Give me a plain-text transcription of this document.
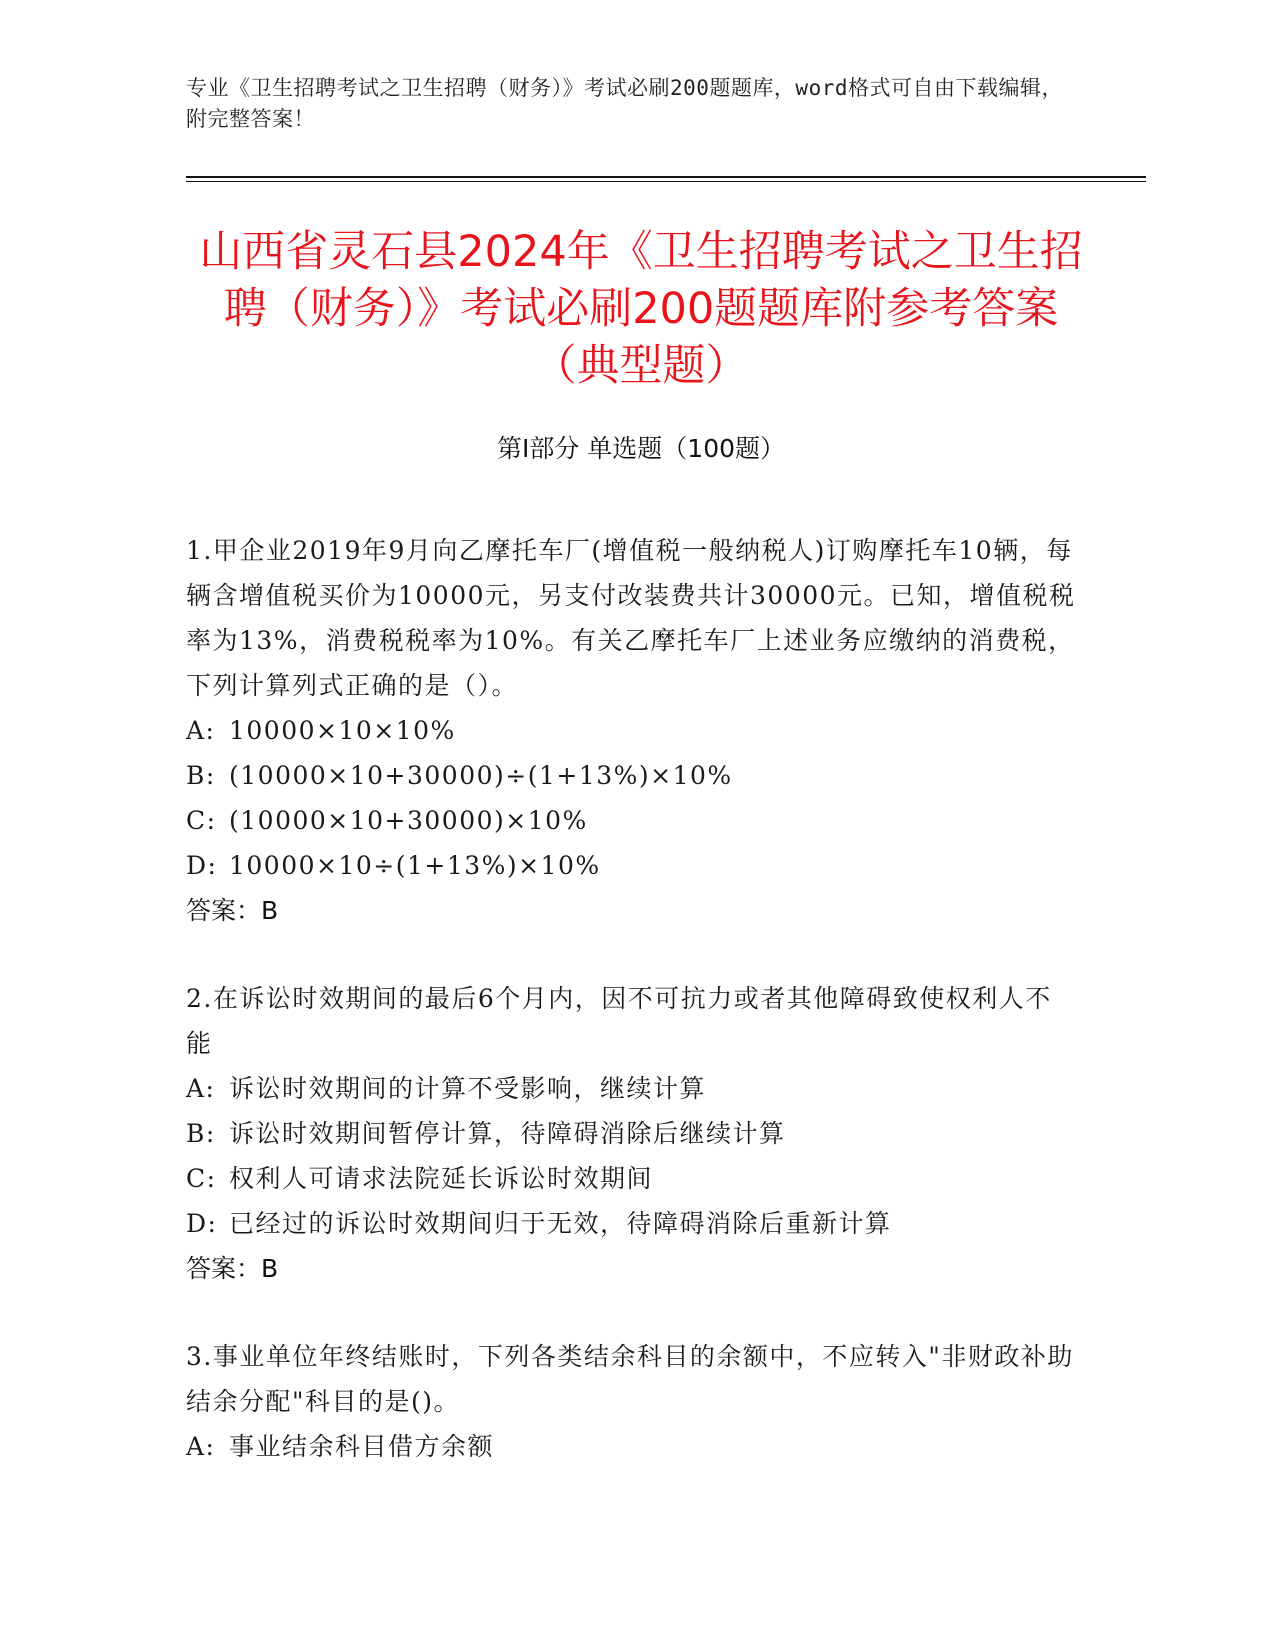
专业《卫生招聘考试之卫生招聘（财务）》考试必刷200题题库，word格式可自由下载编辑，附完整答案！
山西省灵石县2024年《卫生招聘考试之卫生招聘（财务）》考试必刷200题题库附参考答案（典型题）
第Ⅰ部分 单选题（100题）
1.甲企业2019年9月向乙摩托车厂(增值税一般纳税人)订购摩托车10辆，每辆含增值税买价为10000元，另支付改装费共计30000元。已知，增值税税率为13%，消费税税率为10%。有关乙摩托车厂上述业务应缴纳的消费税，下列计算列式正确的是（）。
A: 10000×10×10%
B: (10000×10+30000)÷(1+13%)×10%
C: (10000×10+30000)×10%
D: 10000×10÷(1+13%)×10%
答案：B
2.在诉讼时效期间的最后6个月内，因不可抗力或者其他障碍致使权利人不能
A: 诉讼时效期间的计算不受影响，继续计算
B: 诉讼时效期间暂停计算，待障碍消除后继续计算
C: 权利人可请求法院延长诉讼时效期间
D: 已经过的诉讼时效期间归于无效，待障碍消除后重新计算
答案：B
3.事业单位年终结账时，下列各类结余科目的余额中，不应转入"非财政补助结余分配"科目的是()。
A: 事业结余科目借方余额
